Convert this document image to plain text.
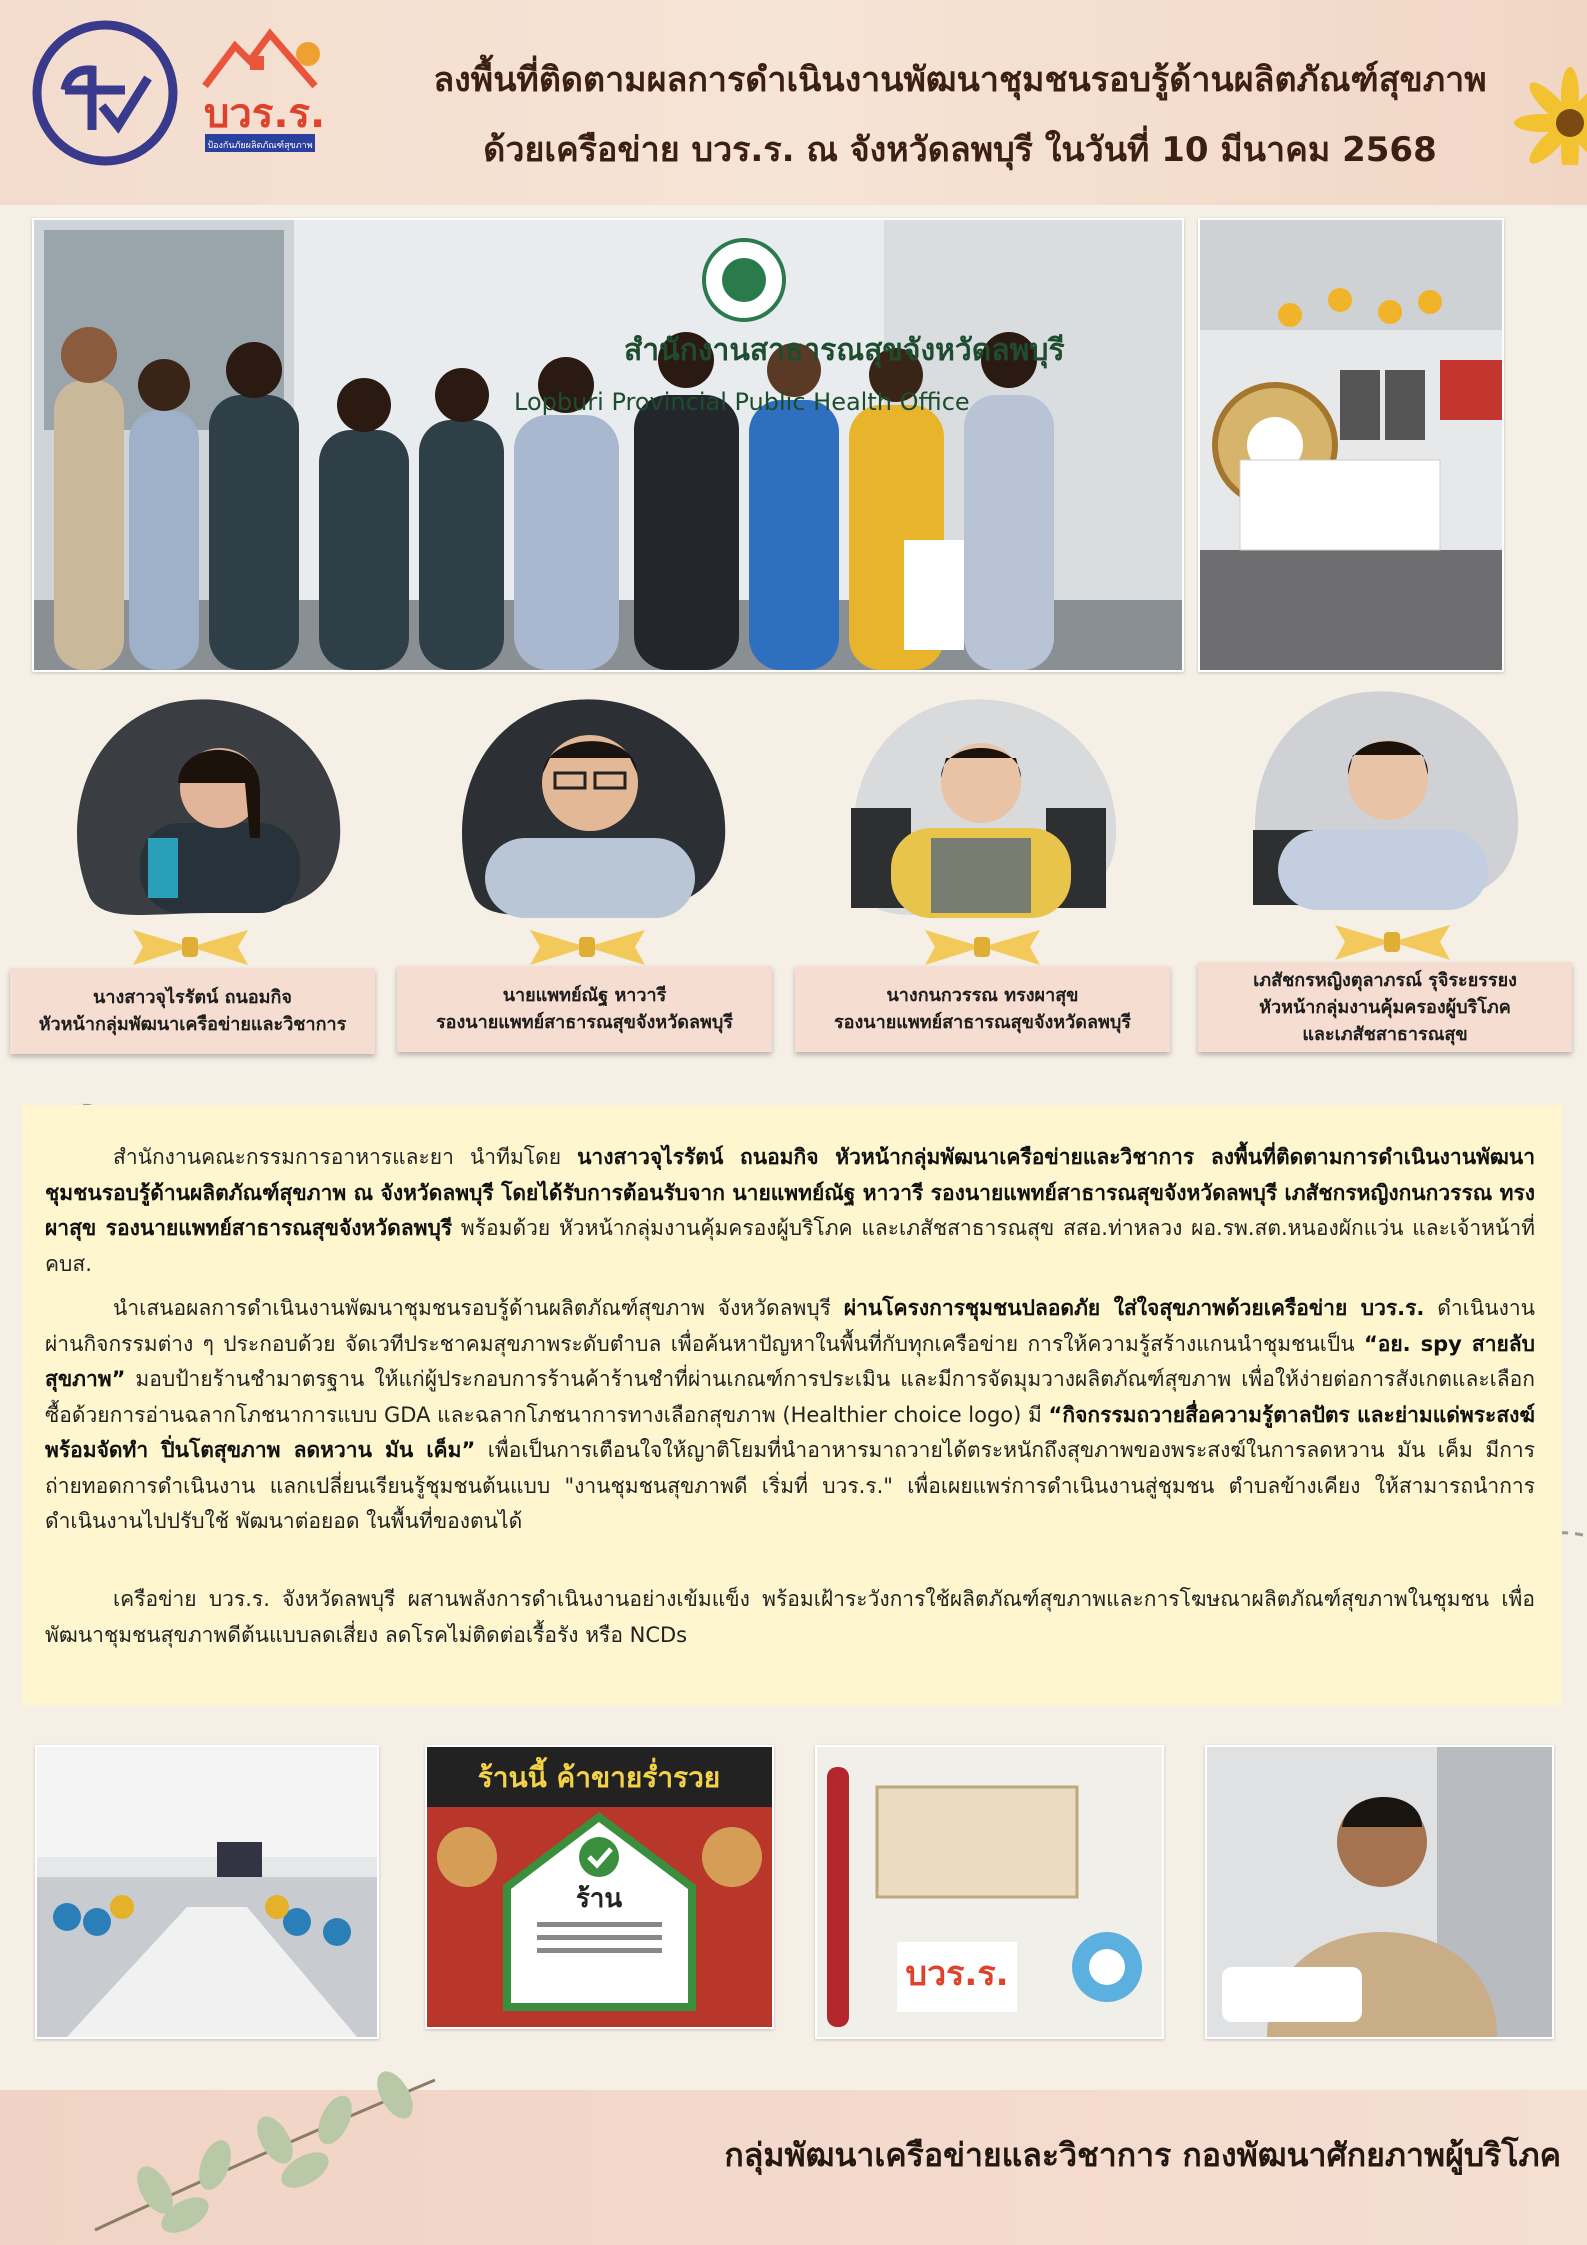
บวร.ร.
ป้องกันภัยผลิตภัณฑ์สุขภาพ
ลงพื้นที่ติดตามผลการดำเนินงานพัฒนาชุมชนรอบรู้ด้านผลิตภัณฑ์สุขภาพ
ด้วยเครือข่าย บวร.ร. ณ จังหวัดลพบุรี ในวันที่ 10 มีนาคม 2568
สำนักงานสาธารณสุขจังหวัดลพบุรี
Lopburi Provincial Public Health Office
นางสาวจุไรรัตน์ ถนอมกิจ
หัวหน้ากลุ่มพัฒนาเครือข่ายและวิชาการ
นายแพทย์ณัฐ หาวารี
รองนายแพทย์สาธารณสุขจังหวัดลพบุรี
นางกนกวรรณ ทรงผาสุข
รองนายแพทย์สาธารณสุขจังหวัดลพบุรี
เภสัชกรหญิงตุลาภรณ์ รุจิระยรรยง
หัวหน้ากลุ่มงานคุ้มครองผู้บริโภค
และเภสัชสาธารณสุข
สำนักงานคณะกรรมการอาหารและยา นำทีมโดย นางสาวจุไรรัตน์ ถนอมกิจ หัวหน้ากลุ่มพัฒนาเครือข่ายและวิชาการ ลงพื้นที่ติดตามการดำเนินงานพัฒนาชุมชนรอบรู้ด้านผลิตภัณฑ์สุขภาพ ณ จังหวัดลพบุรี โดยได้รับการต้อนรับจาก นายแพทย์ณัฐ หาวารี รองนายแพทย์สาธารณสุขจังหวัดลพบุรี เภสัชกรหญิงกนกวรรณ ทรงผาสุข รองนายแพทย์สาธารณสุขจังหวัดลพบุรี พร้อมด้วย หัวหน้ากลุ่มงานคุ้มครองผู้บริโภค และเภสัชสาธารณสุข สสอ.ท่าหลวง ผอ.รพ.สต.หนองผักแว่น และเจ้าหน้าที่ คบส.
นำเสนอผลการดำเนินงานพัฒนาชุมชนรอบรู้ด้านผลิตภัณฑ์สุขภาพ จังหวัดลพบุรี ผ่านโครงการชุมชนปลอดภัย ใส่ใจสุขภาพด้วยเครือข่าย บวร.ร. ดำเนินงานผ่านกิจกรรมต่าง ๆ ประกอบด้วย จัดเวทีประชาคมสุขภาพระดับตำบล เพื่อค้นหาปัญหาในพื้นที่กับทุกเครือข่าย การให้ความรู้สร้างแกนนำชุมชนเป็น “อย. spy สายลับสุขภาพ” มอบป้ายร้านชำมาตรฐาน ให้แก่ผู้ประกอบการร้านค้าร้านชำที่ผ่านเกณฑ์การประเมิน และมีการจัดมุมวางผลิตภัณฑ์สุขภาพ เพื่อให้ง่ายต่อการสังเกตและเลือกซื้อด้วยการอ่านฉลากโภชนาการแบบ GDA และฉลากโภชนาการทางเลือกสุขภาพ (Healthier choice logo) มี “กิจกรรมถวายสื่อความรู้ตาลปัตร และย่ามแด่พระสงฆ์ พร้อมจัดทำ ปิ่นโตสุขภาพ ลดหวาน มัน เค็ม” เพื่อเป็นการเตือนใจให้ญาติโยมที่นำอาหารมาถวายได้ตระหนักถึงสุขภาพของพระสงฆ์ในการลดหวาน มัน เค็ม มีการถ่ายทอดการดำเนินงาน แลกเปลี่ยนเรียนรู้ชุมชนต้นแบบ "งานชุมชนสุขภาพดี เริ่มที่ บวร.ร." เพื่อเผยแพร่การดำเนินงานสู่ชุมชน ตำบลข้างเคียง ให้สามารถนำการดำเนินงานไปปรับใช้ พัฒนาต่อยอด ในพื้นที่ของตนได้
เครือข่าย บวร.ร. จังหวัดลพบุรี ผสานพลังการดำเนินงานอย่างเข้มแข็ง พร้อมเฝ้าระวังการใช้ผลิตภัณฑ์สุขภาพและการโฆษณาผลิตภัณฑ์สุขภาพในชุมชน เพื่อพัฒนาชุมชนสุขภาพดีต้นแบบลดเสี่ยง ลดโรคไม่ติดต่อเรื้อรัง หรือ NCDs
ร้านนี้ ค้าขายร่ำรวย
ร้าน
บวร.ร.
กลุ่มพัฒนาเครือข่ายและวิชาการ กองพัฒนาศักยภาพผู้บริโภค
